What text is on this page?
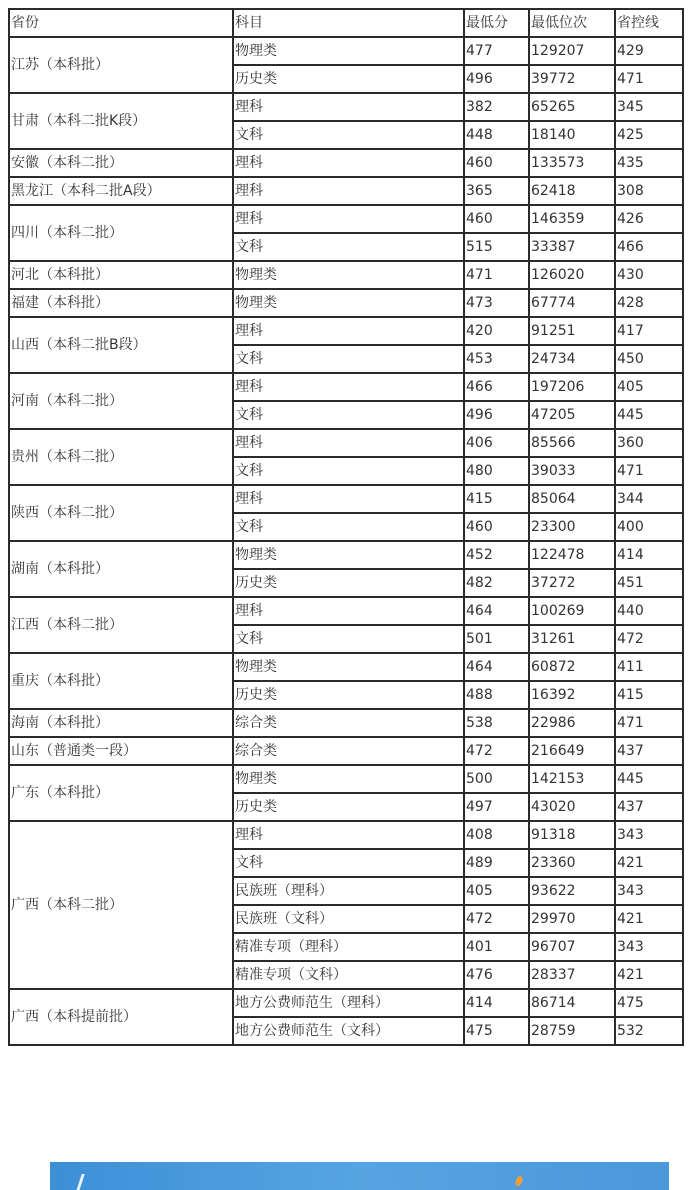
省份	科目	最低分	最低位次	省控线
江苏（本科批）	物理类	477	129207	429
	历史类	496	39772	471
甘肃（本科二批K段）	理科	382	65265	345
	文科	448	18140	425
安徽（本科二批）	理科	460	133573	435
黑龙江（本科二批A段）	理科	365	62418	308
四川（本科二批）	理科	460	146359	426
	文科	515	33387	466
河北（本科批）	物理类	471	126020	430
福建（本科批）	物理类	473	67774	428
山西（本科二批B段）	理科	420	91251	417
	文科	453	24734	450
河南（本科二批）	理科	466	197206	405
	文科	496	47205	445
贵州（本科二批）	理科	406	85566	360
	文科	480	39033	471
陕西（本科二批）	理科	415	85064	344
	文科	460	23300	400
湖南（本科批）	物理类	452	122478	414
	历史类	482	37272	451
江西（本科二批）	理科	464	100269	440
	文科	501	31261	472
重庆（本科批）	物理类	464	60872	411
	历史类	488	16392	415
海南（本科批）	综合类	538	22986	471
山东（普通类一段）	综合类	472	216649	437
广东（本科批）	物理类	500	142153	445
	历史类	497	43020	437
广西（本科二批）	理科	408	91318	343
	文科	489	23360	421
	民族班（理科）	405	93622	343
	民族班（文科）	472	29970	421
	精准专项（理科）	401	96707	343
	精准专项（文科）	476	28337	421
广西（本科提前批）	地方公费师范生（理科）	414	86714	475
	地方公费师范生（文科）	475	28759	532
